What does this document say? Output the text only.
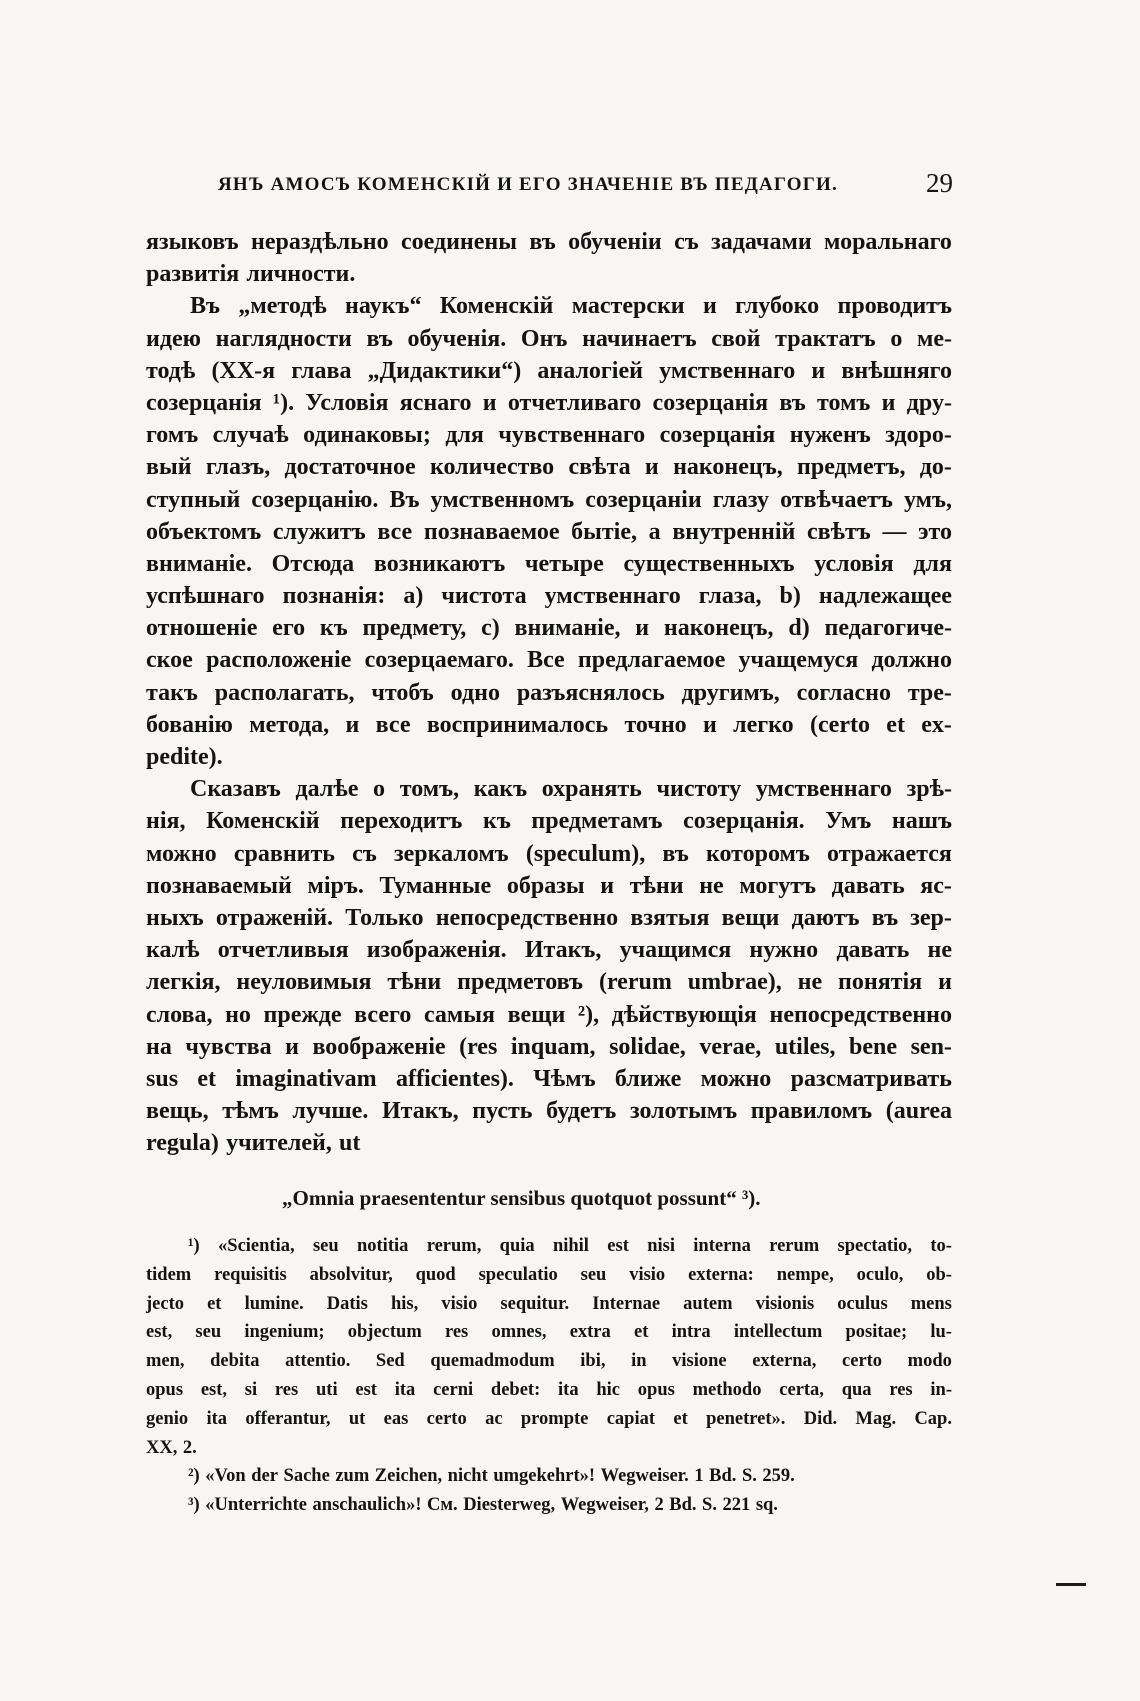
ЯНЪ АМОСЪ КОМЕНСКІЙ И ЕГО ЗНАЧЕНІЕ ВЪ ПЕДАГОГИ.	29
языковъ нераздѣльно соединены въ обученіи съ задачами моральнаго
развитія личности.
Въ „методѣ наукъ“ Коменскій мастерски и глубоко проводитъ
идею наглядности въ обученія. Онъ начинаетъ свой трактатъ о ме-
тодѣ (ХХ-я глава „Дидактики“) аналогіей умственнаго и внѣшняго
созерцанія ¹). Условія яснаго и отчетливаго созерцанія въ томъ и дру-
гомъ случаѣ одинаковы; для чувственнаго созерцанія нуженъ здоро-
вый глазъ, достаточное количество свѣта и наконецъ, предметъ, до-
ступный созерцанію. Въ умственномъ созерцаніи глазу отвѣчаетъ умъ,
объектомъ служитъ все познаваемое бытіе, а внутренній свѣтъ — это
вниманіе. Отсюда возникаютъ четыре существенныхъ условія для
успѣшнаго познанія: a) чистота умственнаго глаза, b) надлежащее
отношеніе его къ предмету, c) вниманіе, и наконецъ, d) педагогиче-
ское расположеніе созерцаемаго. Все предлагаемое учащемуся должно
такъ располагать, чтобъ одно разъяснялось другимъ, согласно тре-
бованію метода, и все воспринималось точно и легко (certo et ex-
pedite).
Сказавъ далѣе о томъ, какъ охранять чистоту умственнаго зрѣ-
нія, Коменскій переходитъ къ предметамъ созерцанія. Умъ нашъ
можно сравнить съ зеркаломъ (speculum), въ которомъ отражается
познаваемый міръ. Туманные образы и тѣни не могутъ давать яс-
ныхъ отраженій. Только непосредственно взятыя вещи даютъ въ зер-
калѣ отчетливыя изображенія. Итакъ, учащимся нужно давать не
легкія, неуловимыя тѣни предметовъ (rerum umbrae), не понятія и
слова, но прежде всего самыя вещи ²), дѣйствующія непосредственно
на чувства и воображеніе (res inquam, solidae, verae, utiles, bene sen-
sus et imaginativam afficientes). Чѣмъ ближе можно разсматривать
вещь, тѣмъ лучше. Итакъ, пусть будетъ золотымъ правиломъ (aurea
regula) учителей, ut
„Omnia praesententur sensibus quotquot possunt“ ³).
¹) «Scientia, seu notitia rerum, quia nihil est nisi interna rerum spectatio, to-
tidem requisitis absolvitur, quod speculatio seu visio externa: nempe, oculo, ob-
jecto et lumine. Datis his, visio sequitur. Internae autem visionis oculus mens
est, seu ingenium; objectum res omnes, extra et intra intellectum positae; lu-
men, debita attentio. Sed quemadmodum ibi, in visione externa, certo modo
opus est, si res uti est ita cerni debet: ita hic opus methodo certa, qua res in-
genio ita offerantur, ut eas certo ac prompte capiat et penetret». Did. Mag. Cap.
XX, 2.
²) «Von der Sache zum Zeichen, nicht umgekehrt»! Wegweiser. 1 Bd. S. 259.
³) «Unterrichte anschaulich»! См. Diesterweg, Wegweiser, 2 Bd. S. 221 sq.
